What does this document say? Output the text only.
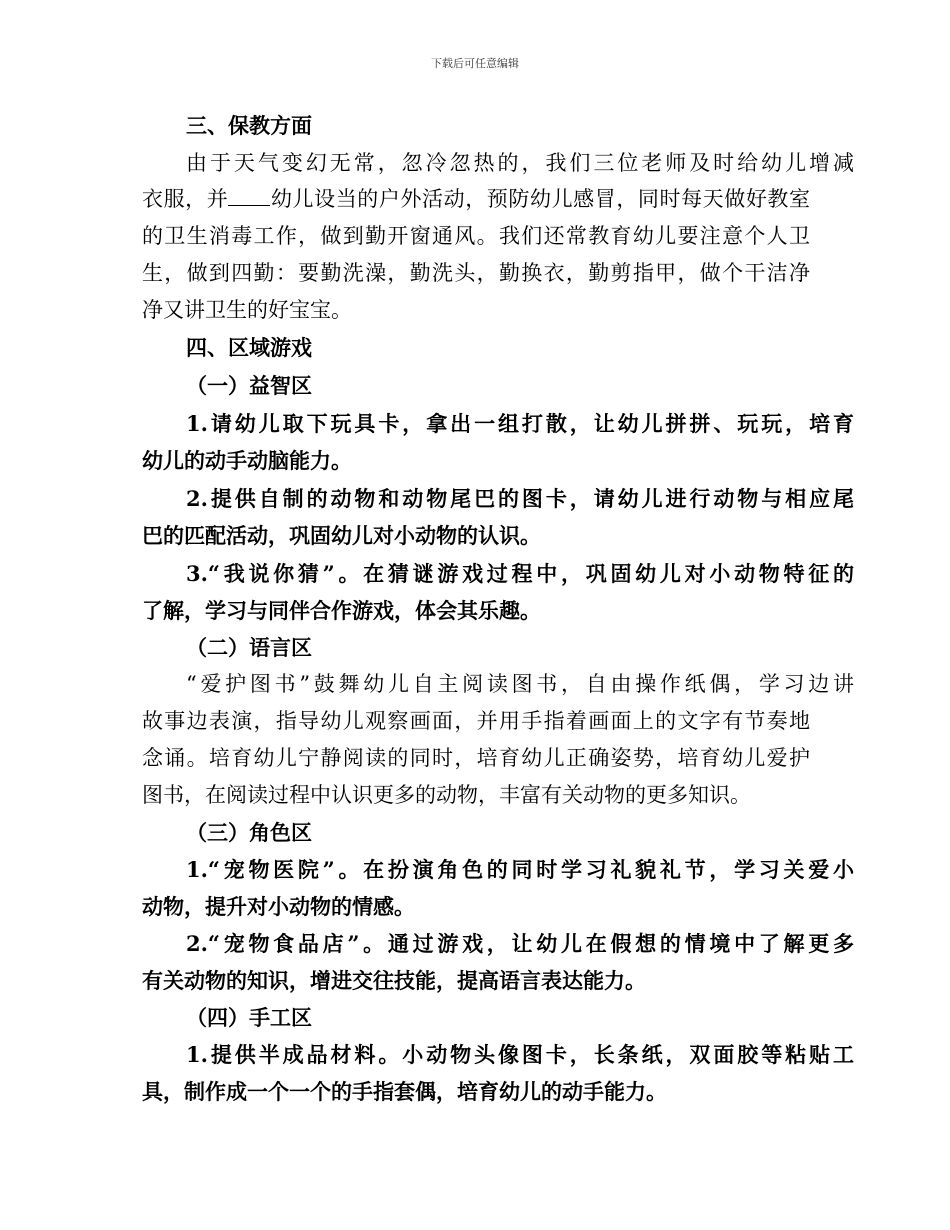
下载后可任意编辑
三、保教方面
由于天气变幻无常，忽冷忽热的，我们三位老师及时给幼儿增减
衣服，并 幼儿设当的户外活动，预防幼儿感冒，同时每天做好教室
的卫生消毒工作，做到勤开窗通风。我们还常教育幼儿要注意个人卫
生，做到四勤：要勤洗澡，勤洗头，勤换衣，勤剪指甲，做个干洁净
净又讲卫生的好宝宝。
四、区域游戏
（一）益智区
1.请幼儿取下玩具卡，拿出一组打散，让幼儿拼拼、玩玩，培育
幼儿的动手动脑能力。
2.提供自制的动物和动物尾巴的图卡，请幼儿进行动物与相应尾
巴的匹配活动，巩固幼儿对小动物的认识。
3.“我说你猜”。在猜谜游戏过程中，巩固幼儿对小动物特征的
了解，学习与同伴合作游戏，体会其乐趣。
（二）语言区
“爱护图书”鼓舞幼儿自主阅读图书，自由操作纸偶，学习边讲
故事边表演，指导幼儿观察画面，并用手指着画面上的文字有节奏地
念诵。培育幼儿宁静阅读的同时，培育幼儿正确姿势，培育幼儿爱护
图书，在阅读过程中认识更多的动物，丰富有关动物的更多知识。
（三）角色区
1.“宠物医院”。在扮演角色的同时学习礼貌礼节，学习关爱小
动物，提升对小动物的情感。
2.“宠物食品店”。通过游戏，让幼儿在假想的情境中了解更多
有关动物的知识，增进交往技能，提高语言表达能力。
（四）手工区
1.提供半成品材料。小动物头像图卡，长条纸，双面胶等粘贴工
具，制作成一个一个的手指套偶，培育幼儿的动手能力。
